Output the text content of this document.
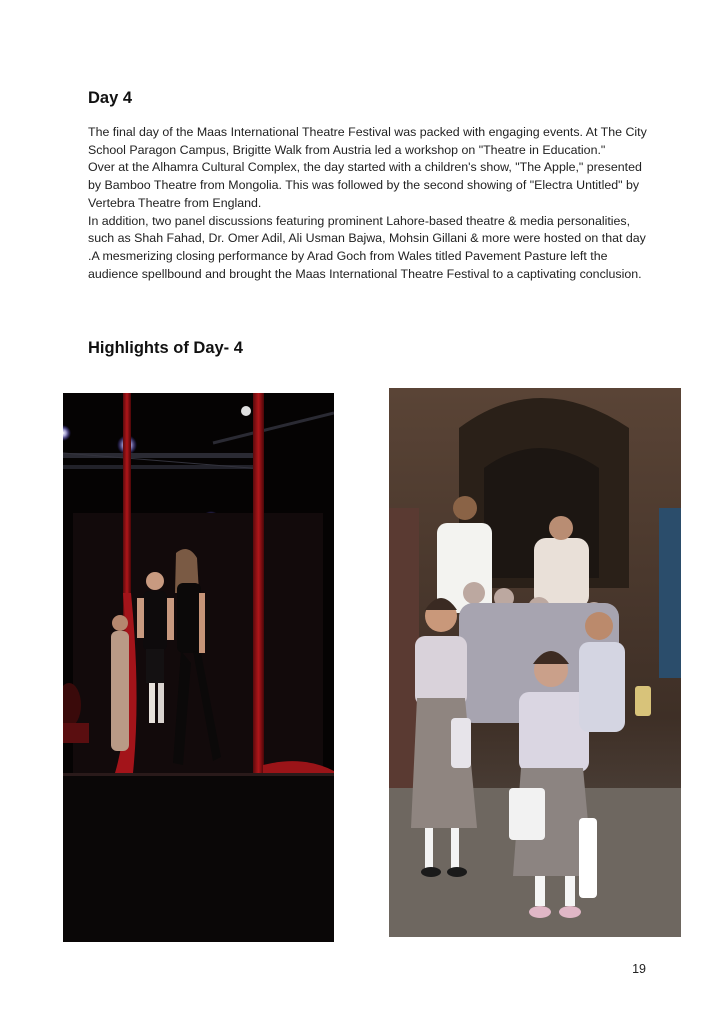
Day 4

The final day of the Maas International Theatre Festival was packed with engaging events. At The City School Paragon Campus, Brigitte Walk from Austria led a workshop on "Theatre in Education."

Over at the Alhamra Cultural Complex, the day started with a children's show, "The Apple," presented by Bamboo Theatre from Mongolia. This was followed by the second showing of "Electra Untitled" by Vertebra Theatre from England.

In addition, two panel discussions featuring prominent Lahore-based theatre & media personalities, such as Shah Fahad, Dr. Omer Adil, Ali Usman Bajwa, Mohsin Gillani & more were hosted on that day .A mesmerizing closing performance by Arad Goch from Wales titled Pavement Pasture left the audience spellbound and brought the Maas International Theatre Festival to a captivating conclusion.

Highlights of Day- 4
19
